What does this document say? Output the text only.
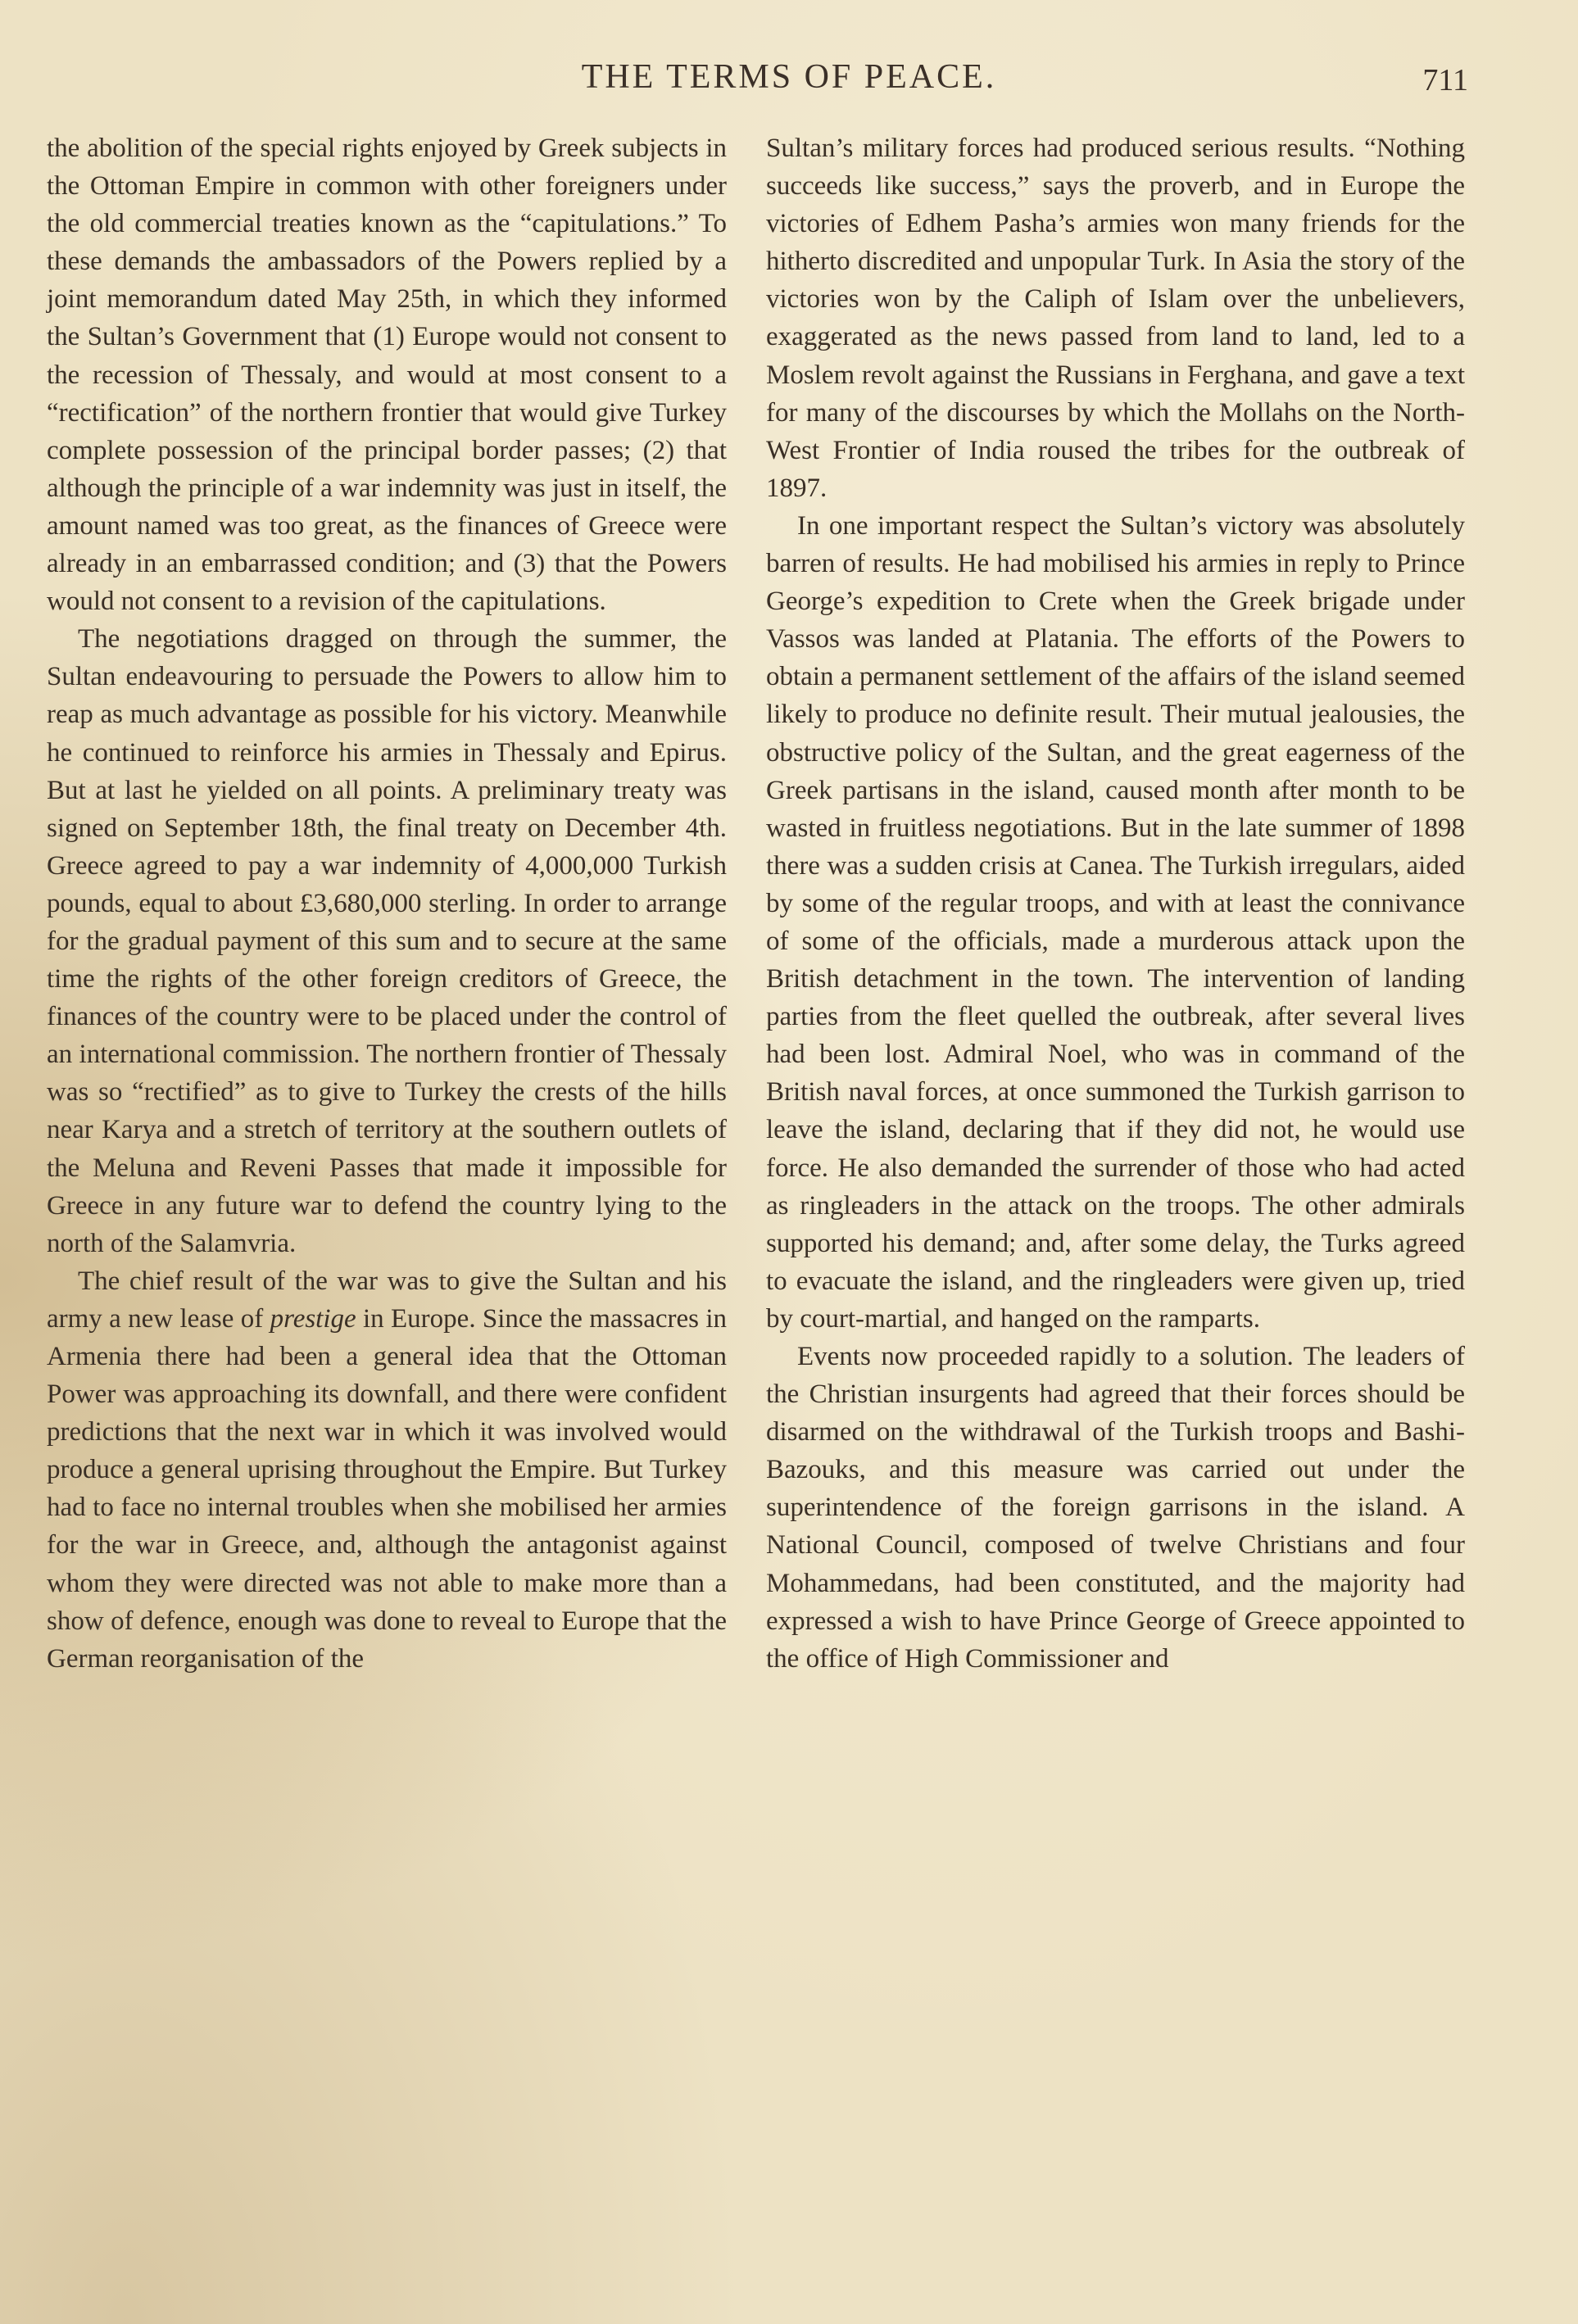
THE TERMS OF PEACE.	711

the abolition of the special rights enjoyed by Greek subjects in the Ottoman Empire in common with other foreigners under the old commercial treaties known as the “capitulations.” To these demands the ambassadors of the Powers replied by a joint memorandum dated May 25th, in which they informed the Sultan’s Government that (1) Europe would not consent to the recession of Thessaly, and would at most consent to a “rectification” of the northern frontier that would give Turkey complete possession of the principal border passes; (2) that although the principle of a war indemnity was just in itself, the amount named was too great, as the finances of Greece were already in an embarrassed condition; and (3) that the Powers would not consent to a revision of the capitulations.

The negotiations dragged on through the summer, the Sultan endeavouring to persuade the Powers to allow him to reap as much advantage as possible for his victory. Meanwhile he continued to reinforce his armies in Thessaly and Epirus. But at last he yielded on all points. A preliminary treaty was signed on September 18th, the final treaty on December 4th. Greece agreed to pay a war indemnity of 4,000,000 Turkish pounds, equal to about £3,680,000 sterling. In order to arrange for the gradual payment of this sum and to secure at the same time the rights of the other foreign creditors of Greece, the finances of the country were to be placed under the control of an international commission. The northern frontier of Thessaly was so “rectified” as to give to Turkey the crests of the hills near Karya and a stretch of territory at the southern outlets of the Meluna and Reveni Passes that made it impossible for Greece in any future war to defend the country lying to the north of the Salamvria.

The chief result of the war was to give the Sultan and his army a new lease of prestige in Europe. Since the massacres in Armenia there had been a general idea that the Ottoman Power was approaching its downfall, and there were confident predictions that the next war in which it was involved would produce a general uprising throughout the Empire. But Turkey had to face no internal troubles when she mobilised her armies for the war in Greece, and, although the antagonist against whom they were directed was not able to make more than a show of defence, enough was done to reveal to Europe that the German reorganisation of the

Sultan’s military forces had produced serious results. “Nothing succeeds like success,” says the proverb, and in Europe the victories of Edhem Pasha’s armies won many friends for the hitherto discredited and unpopular Turk. In Asia the story of the victories won by the Caliph of Islam over the unbelievers, exaggerated as the news passed from land to land, led to a Moslem revolt against the Russians in Ferghana, and gave a text for many of the discourses by which the Mollahs on the North-West Frontier of India roused the tribes for the outbreak of 1897.

In one important respect the Sultan’s victory was absolutely barren of results. He had mobilised his armies in reply to Prince George’s expedition to Crete when the Greek brigade under Vassos was landed at Platania. The efforts of the Powers to obtain a permanent settlement of the affairs of the island seemed likely to produce no definite result. Their mutual jealousies, the obstructive policy of the Sultan, and the great eagerness of the Greek partisans in the island, caused month after month to be wasted in fruitless negotiations. But in the late summer of 1898 there was a sudden crisis at Canea. The Turkish irregulars, aided by some of the regular troops, and with at least the connivance of some of the officials, made a murderous attack upon the British detachment in the town. The intervention of landing parties from the fleet quelled the outbreak, after several lives had been lost. Admiral Noel, who was in command of the British naval forces, at once summoned the Turkish garrison to leave the island, declaring that if they did not, he would use force. He also demanded the surrender of those who had acted as ringleaders in the attack on the troops. The other admirals supported his demand; and, after some delay, the Turks agreed to evacuate the island, and the ringleaders were given up, tried by court-martial, and hanged on the ramparts.

Events now proceeded rapidly to a solution. The leaders of the Christian insurgents had agreed that their forces should be disarmed on the withdrawal of the Turkish troops and Bashi-Bazouks, and this measure was carried out under the superintendence of the foreign garrisons in the island. A National Council, composed of twelve Christians and four Mohammedans, had been constituted, and the majority had expressed a wish to have Prince George of Greece appointed to the office of High Commissioner and
